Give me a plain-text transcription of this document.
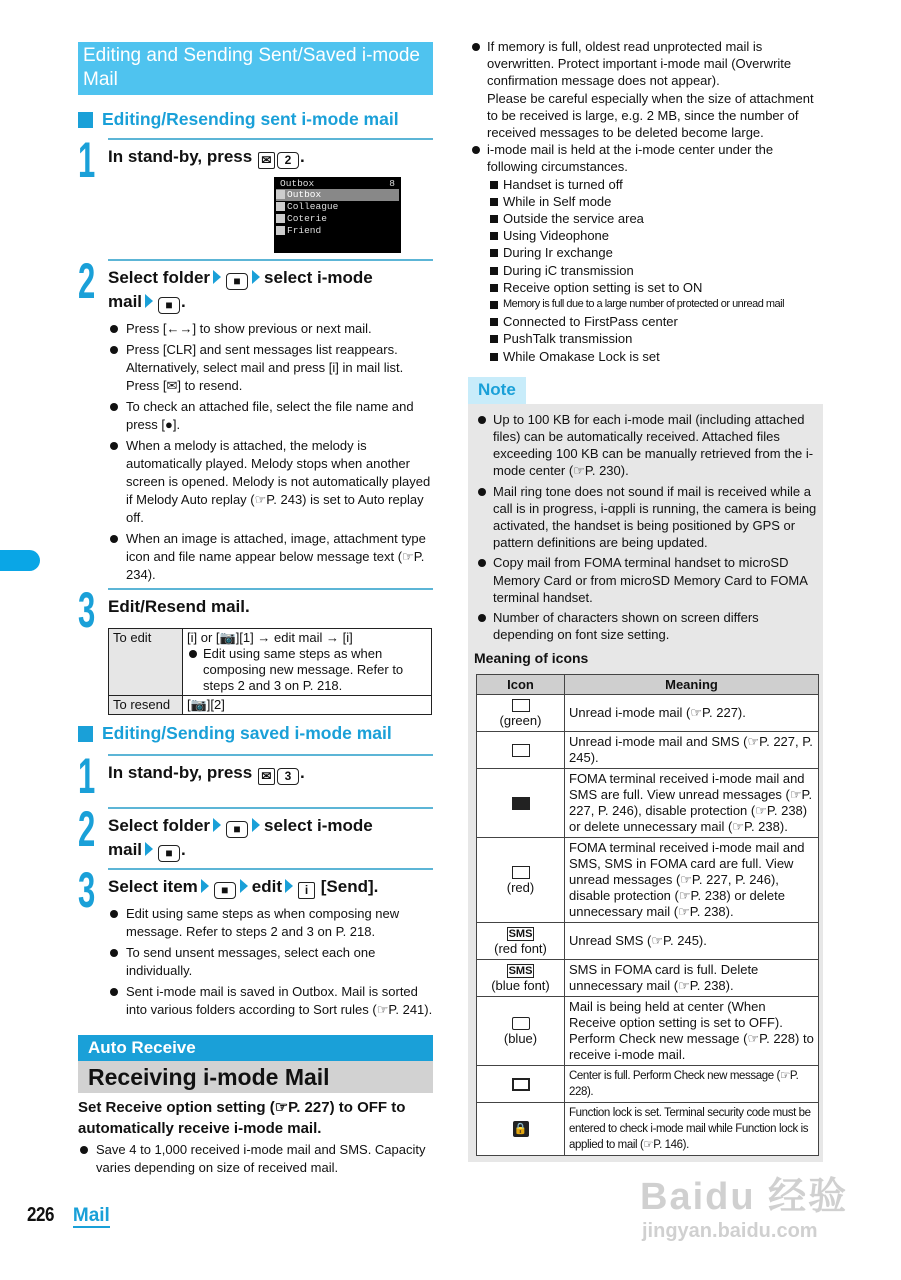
Editing and Sending Sent/Saved i-mode Mail
Editing/Resending sent i-mode mail
1 In stand-by, press ✉ 2 .
Outbox	8
Outbox
Colleague
Coterie
Friend
2 Select folder ■ select i-mode
mail ■ .
Press [←→] to show previous or next mail.
Press [CLR] and sent messages list reappears. Alternatively, select mail and press [i] in mail list. Press [✉] to resend.
To check an attached file, select the file name and press [●].
When a melody is attached, the melody is automatically played. Melody stops when another screen is opened. Melody is not automatically played if Melody Auto replay (☞P. 243) is set to Auto replay off.
When an image is attached, image, attachment type icon and file name appear below message text (☞P. 234).
3 Edit/Resend mail.
To edit	[i] or [📷][1] → edit mail → [i]
Edit using same steps as when composing new message. Refer to steps 2 and 3 on P. 218.

To resend	[📷][2]
Editing/Sending saved i-mode mail
1 In stand-by, press ✉ 3 .
2 Select folder ■ select i-mode
mail ■ .
3 Select item ■ edit i [Send].
Edit using same steps as when composing new message. Refer to steps 2 and 3 on P. 218.
To send unsent messages, select each one individually.
Sent i-mode mail is saved in Outbox. Mail is sorted into various folders according to Sort rules (☞P. 241).
Auto Receive
Receiving i-mode Mail
Set Receive option setting (☞P. 227) to OFF to automatically receive i-mode mail.
Save 4 to 1,000 received i-mode mail and SMS. Capacity varies depending on size of received mail.
If memory is full, oldest read unprotected mail is overwritten. Protect important i-mode mail (Overwrite confirmation message does not appear).
Please be careful especially when the size of attachment to be received is large, e.g. 2 MB, since the number of received messages to be deleted become large.
i-mode mail is held at the i-mode center under the following circumstances.
Handset is turned off
While in Self mode
Outside the service area
Using Videophone
During Ir exchange
During iC transmission
Receive option setting is set to ON
Memory is full due to a large number of protected or unread mail
Connected to FirstPass center
PushTalk transmission
While Omakase Lock is set
Note
Up to 100 KB for each i-mode mail (including attached files) can be automatically received. Attached files exceeding 100 KB can be manually retrieved from the i-mode center (☞P. 230).
Mail ring tone does not sound if mail is received while a call is in progress, i-αppli is running, the camera is being activated, the handset is being positioned by GPS or pattern definitions are being updated.
Copy mail from FOMA terminal handset to microSD Memory Card or from microSD Memory Card to FOMA terminal handset.
Number of characters shown on screen differs depending on font size setting.
Meaning of icons
Icon	Meaning

(green)	Unread i-mode mail (☞P. 227).
	Unread i-mode mail and SMS (☞P. 227, P. 245).
	FOMA terminal received i-mode mail and SMS are full. View unread messages (☞P. 227, P. 246), disable protection (☞P. 238) or delete unnecessary mail (☞P. 238).

(red)	FOMA terminal received i-mode mail and SMS, SMS in FOMA card are full. View unread messages (☞P. 227, P. 246), disable protection (☞P. 238) or delete unnecessary mail (☞P. 238).
SMS
(red font)	Unread SMS (☞P. 245).
SMS
(blue font)	SMS in FOMA card is full. Delete unnecessary mail (☞P. 238).

(blue)	Mail is being held at center (When Receive option setting is set to OFF). Perform Check new message (☞P. 228) to receive i-mode mail.
	Center is full. Perform Check new message (☞P. 228).
🔒	Function lock is set. Terminal security code must be entered to check i-mode mail while Function lock is applied to mail (☞P. 146).
226 Mail	Baidu 经验
jingyan.baidu.com
